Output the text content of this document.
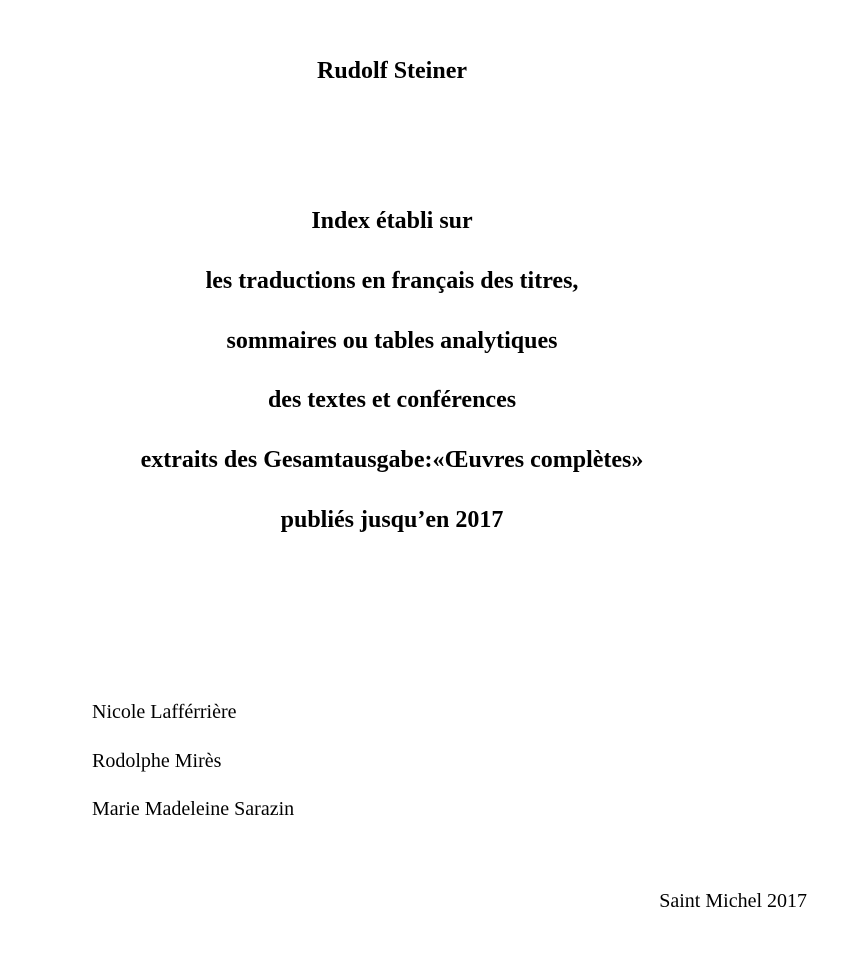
Rudolf Steiner
Index établi sur
les traductions en français des titres,
sommaires ou tables analytiques
des textes et conférences
extraits des Gesamtausgabe:«Œuvres complètes»
publiés jusqu’en 2017
Nicole Lafférrière
Rodolphe Mirès
Marie Madeleine Sarazin

Saint Michel 2017
